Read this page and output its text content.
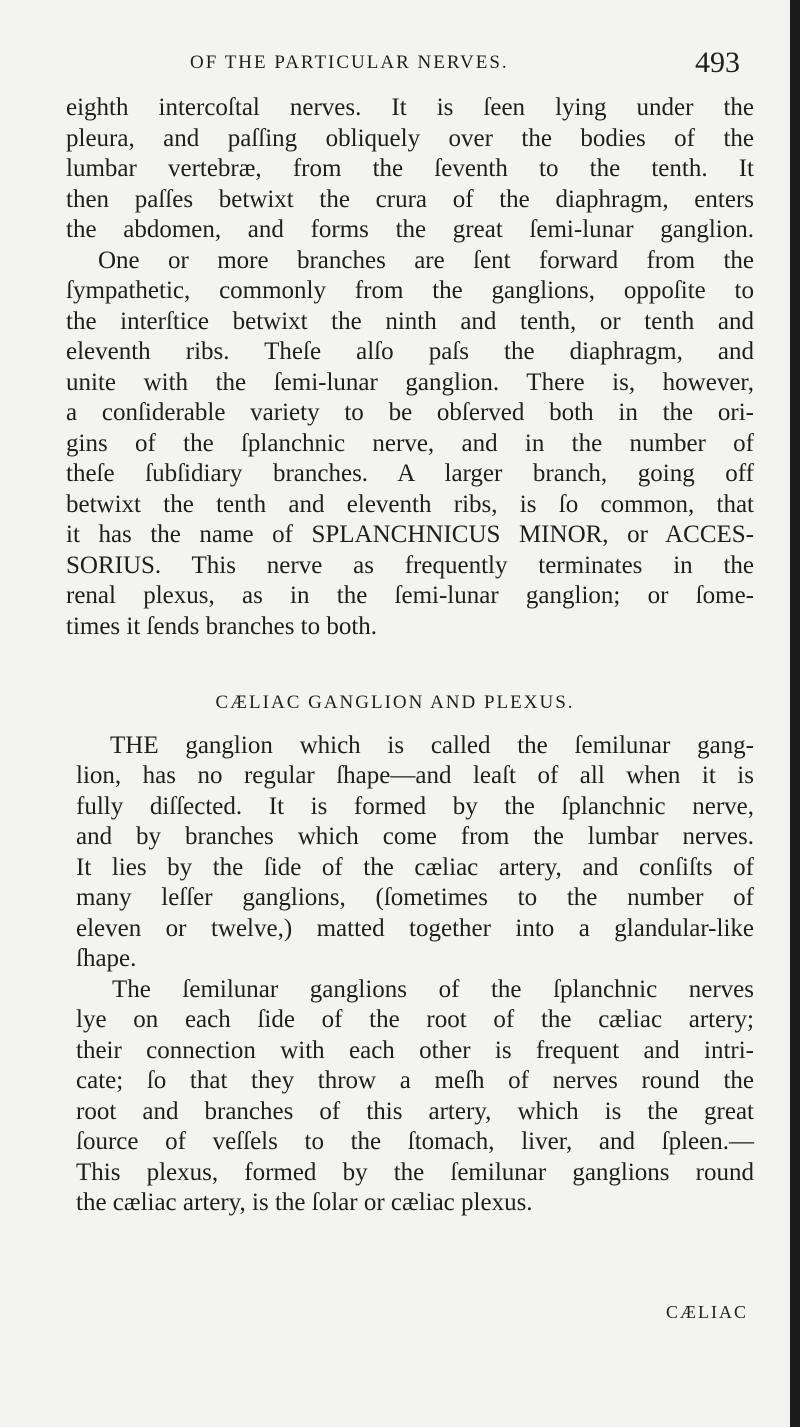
OF THE PARTICULAR NERVES.	493
eighth intercoſtal nerves. It is ſeen lying under the
pleura, and paſſing obliquely over the bodies of the
lumbar vertebræ, from the ſeventh to the tenth. It
then paſſes betwixt the crura of the diaphragm, enters
the abdomen, and forms the great ſemi-lunar ganglion.
One or more branches are ſent forward from the
ſympathetic, commonly from the ganglions, oppoſite to
the interſtice betwixt the ninth and tenth, or tenth and
eleventh ribs. Theſe alſo paſs the diaphragm, and
unite with the ſemi-lunar ganglion. There is, however,
a conſiderable variety to be obſerved both in the ori-
gins of the ſplanchnic nerve, and in the number of
theſe ſubſidiary branches. A larger branch, going off
betwixt the tenth and eleventh ribs, is ſo common, that
it has the name of SPLANCHNICUS MINOR, or ACCES-
SORIUS. This nerve as frequently terminates in the
renal plexus, as in the ſemi-lunar ganglion; or ſome-
times it ſends branches to both.
CÆLIAC GANGLION AND PLEXUS.
THE ganglion which is called the ſemilunar gang-
lion, has no regular ſhape—and leaſt of all when it is
fully diſſected. It is formed by the ſplanchnic nerve,
and by branches which come from the lumbar nerves.
It lies by the ſide of the cæliac artery, and conſiſts of
many leſſer ganglions, (ſometimes to the number of
eleven or twelve,) matted together into a glandular-like
ſhape.
The ſemilunar ganglions of the ſplanchnic nerves
lye on each ſide of the root of the cæliac artery;
their connection with each other is frequent and intri-
cate; ſo that they throw a meſh of nerves round the
root and branches of this artery, which is the great
ſource of veſſels to the ſtomach, liver, and ſpleen.—
This plexus, formed by the ſemilunar ganglions round
the cæliac artery, is the ſolar or cæliac plexus.
CÆLIAC
